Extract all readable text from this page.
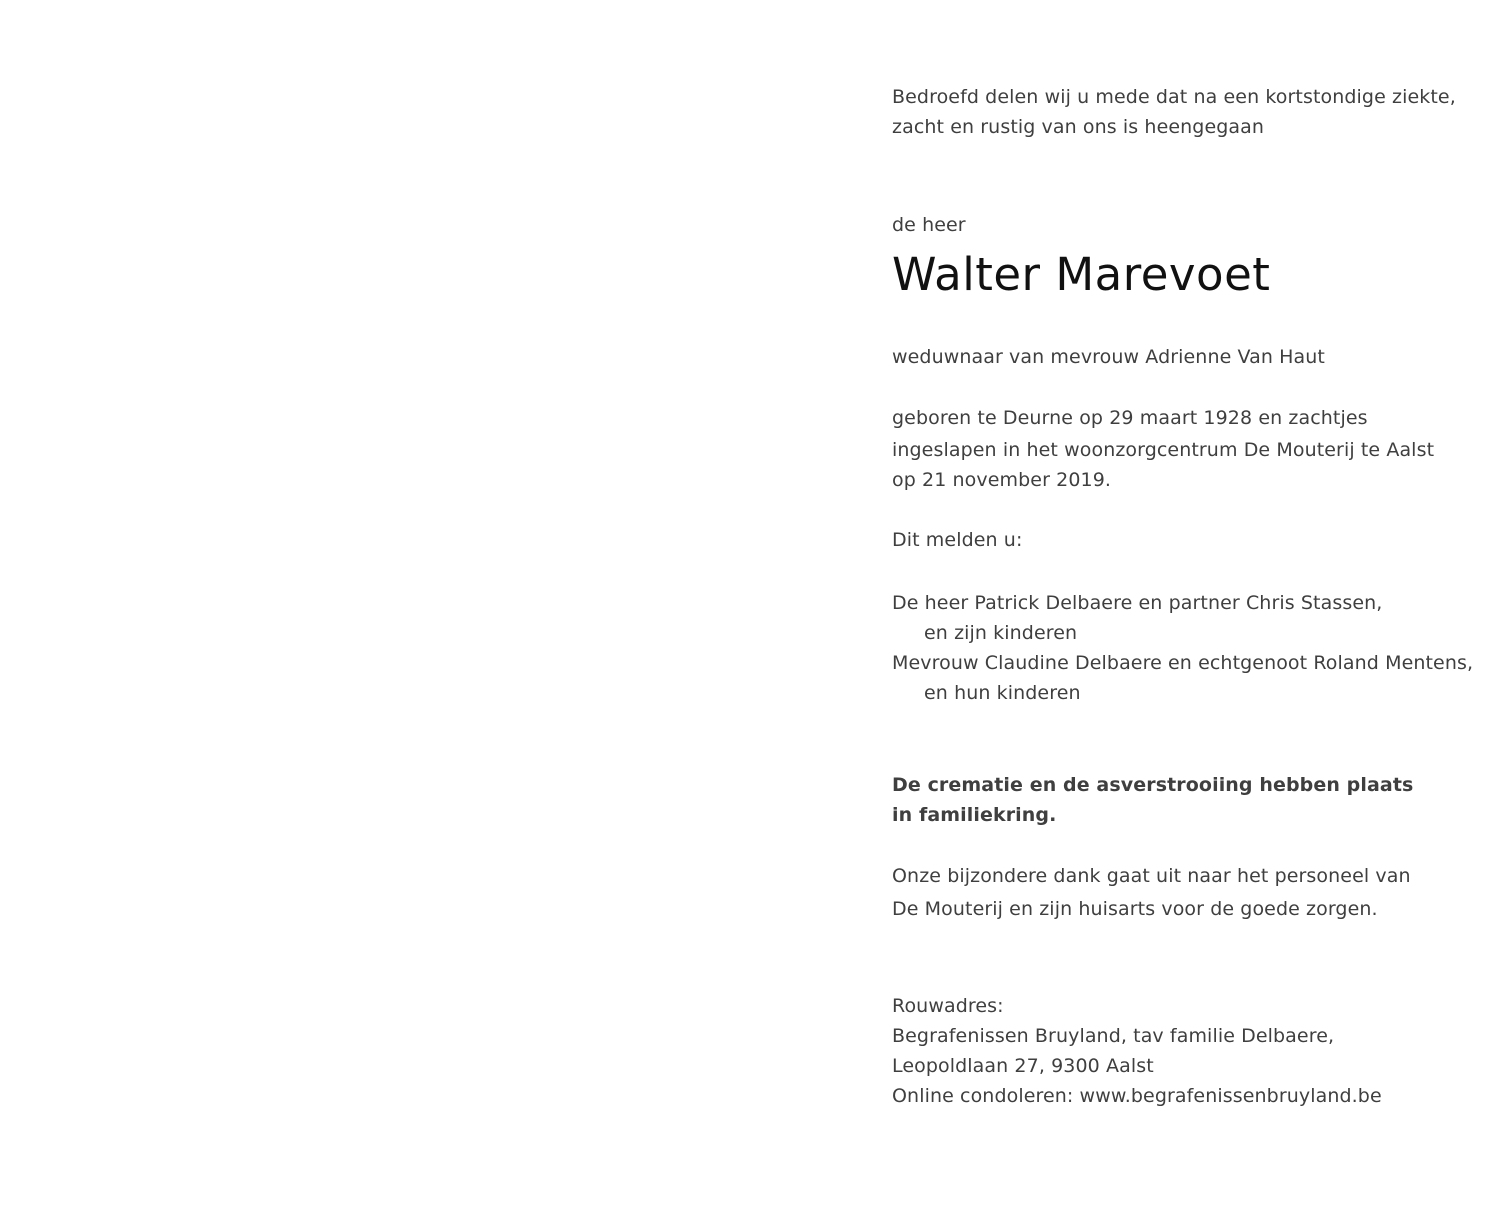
Bedroefd delen wij u mede dat na een kortstondige ziekte,
zacht en rustig van ons is heengegaan
de heer
Walter Marevoet
weduwnaar van mevrouw Adrienne Van Haut
geboren te Deurne op 29 maart 1928 en zachtjes
ingeslapen in het woonzorgcentrum De Mouterij te Aalst
op 21 november 2019.
Dit melden u:
De heer Patrick Delbaere en partner Chris Stassen,
en zijn kinderen
Mevrouw Claudine Delbaere en echtgenoot Roland Mentens,
en hun kinderen
De crematie en de asverstrooiing hebben plaats
in familiekring.
Onze bijzondere dank gaat uit naar het personeel van
De Mouterij en zijn huisarts voor de goede zorgen.
Rouwadres:
Begrafenissen Bruyland, tav familie Delbaere,
Leopoldlaan 27, 9300 Aalst
Online condoleren: www.begrafenissenbruyland.be
